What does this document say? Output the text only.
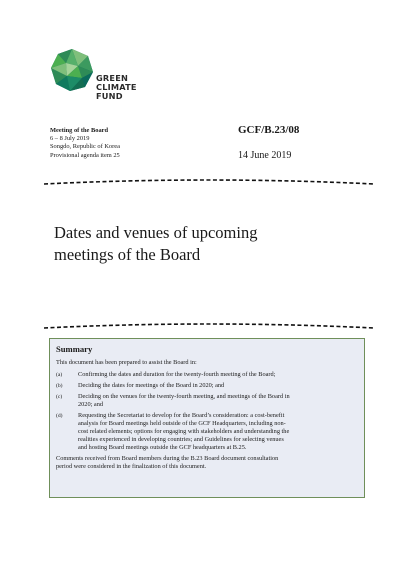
GREEN
CLIMATE
FUND
Meeting of the Board
6 – 8 July 2019
Songdo, Republic of Korea
Provisional agenda item 25
GCF/B.23/08
14 June 2019
Dates and venues of upcoming
meetings of the Board
Summary
This document has been prepared to assist the Board in:
(a)	Confirming the dates and duration for the twenty-fourth meeting of the Board;
(b)	Deciding the dates for meetings of the Board in 2020; and
(c)	Deciding on the venues for the twenty-fourth meeting, and meetings of the Board in
2020; and
(d)	Requesting the Secretariat to develop for the Board’s consideration: a cost-benefit
analysis for Board meetings held outside of the GCF Headquarters, including non-
cost related elements; options for engaging with stakeholders and understanding the
realities experienced in developing countries; and Guidelines for selecting venues
and hosting Board meetings outside the GCF headquarters at B.25.
Comments received from Board members during the B.23 Board document consultation
period were considered in the finalization of this document.
